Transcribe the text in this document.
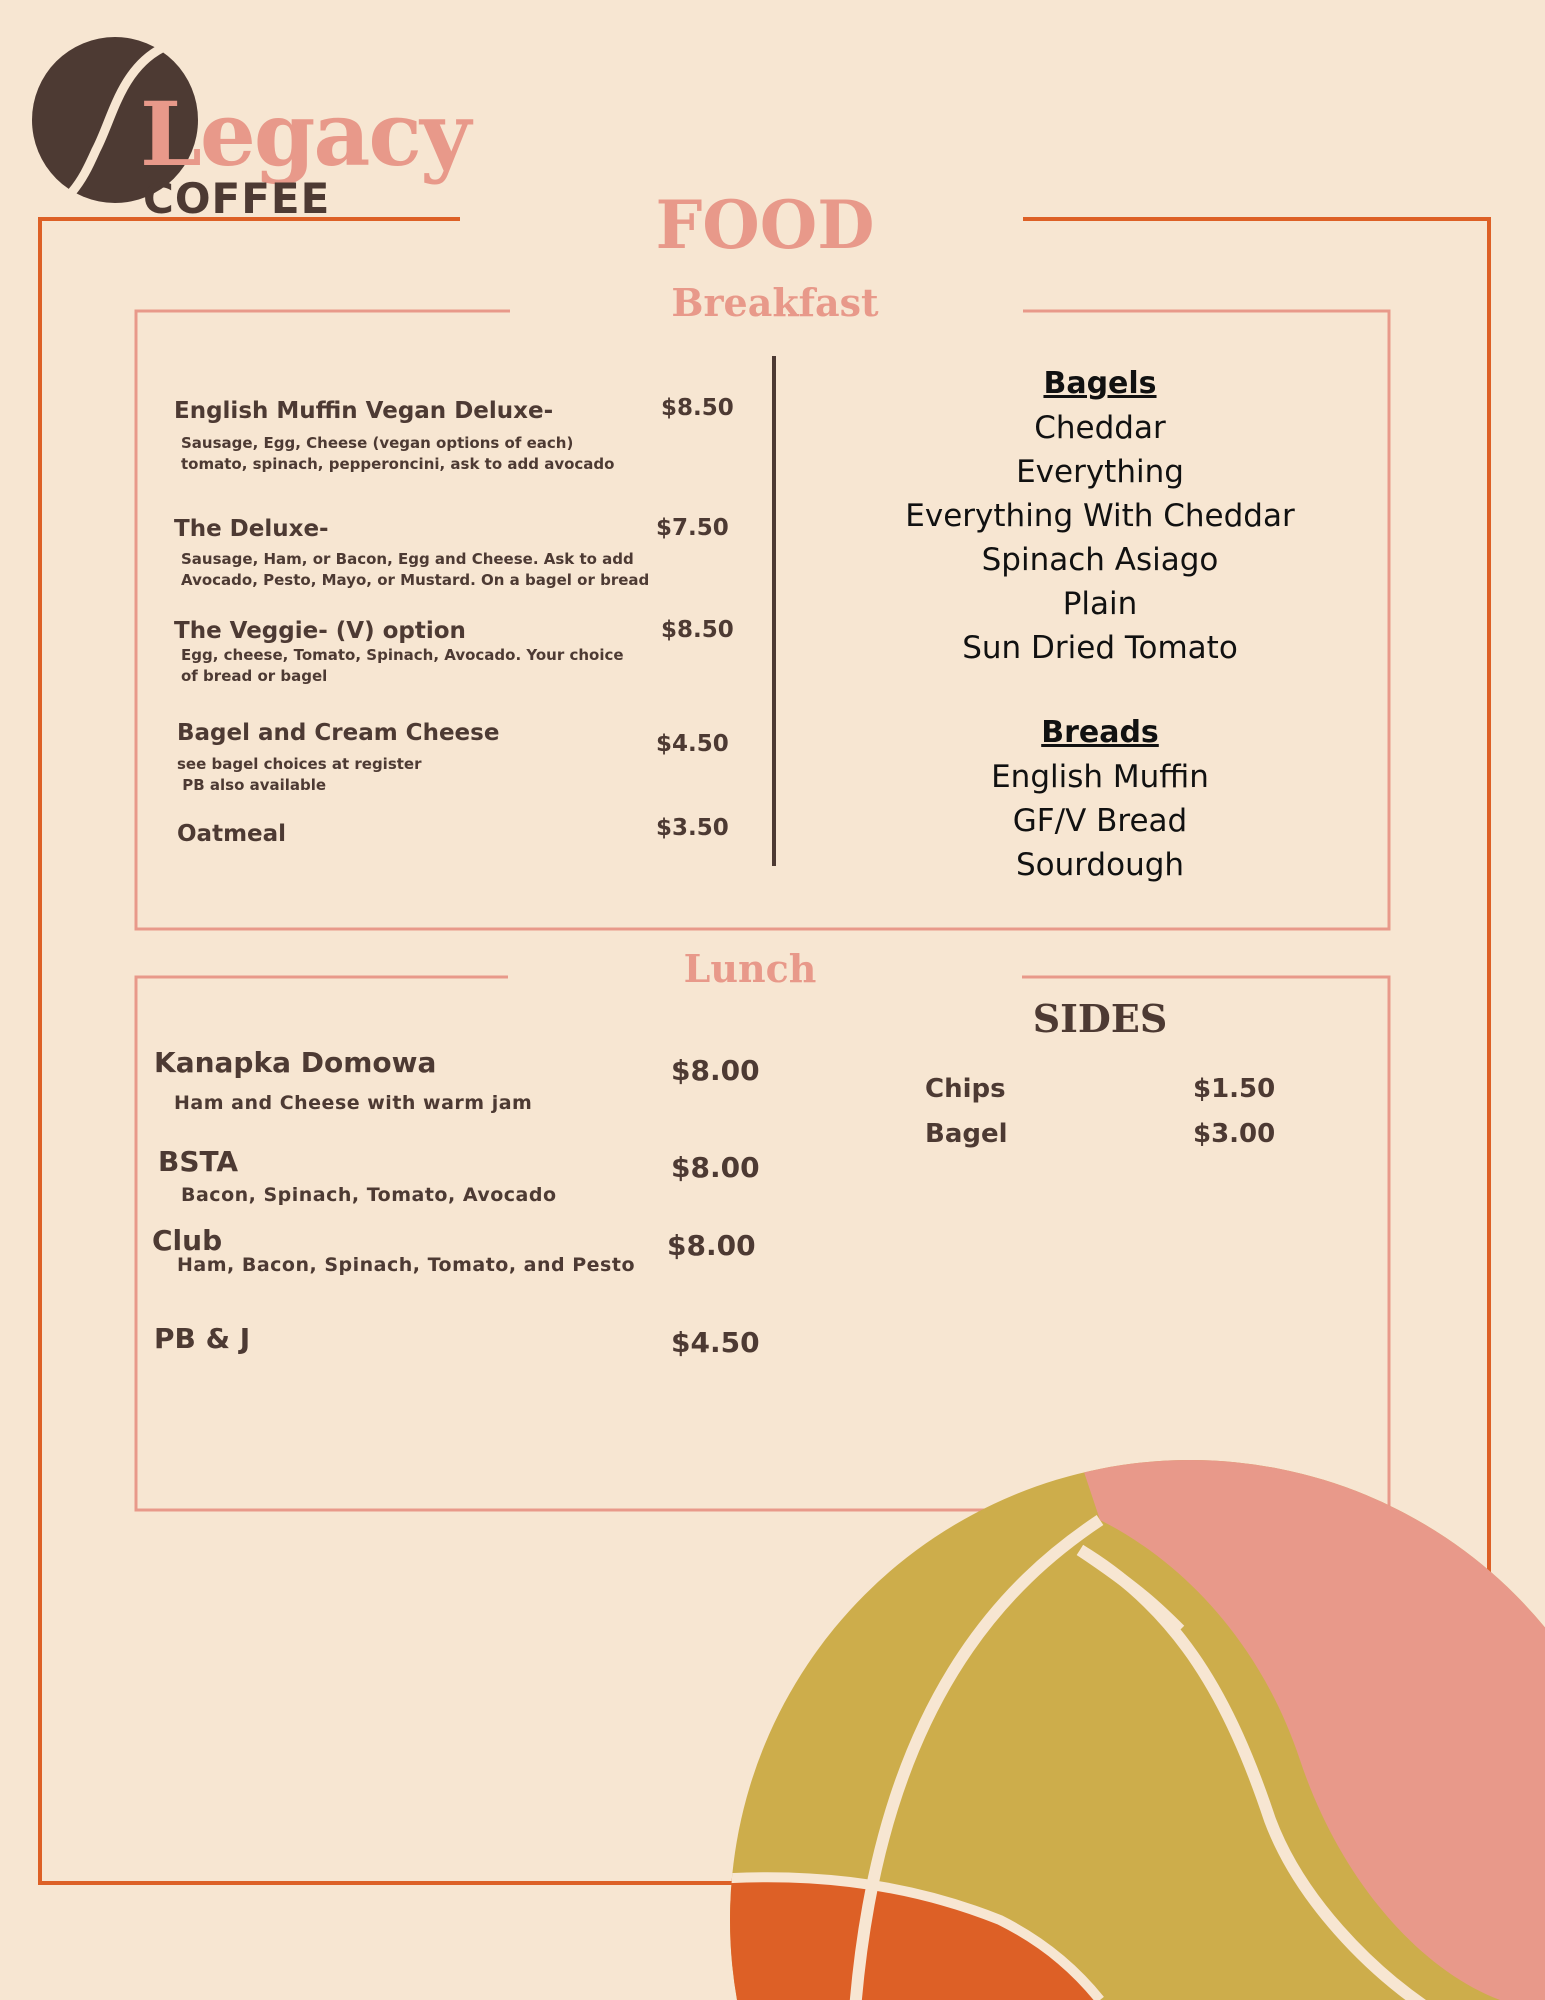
Legacy
COFFEE	FOOD
Breakfast
Lunch
English Muffin Vegan Deluxe-	$8.50
Sausage, Egg, Cheese (vegan options of each)
tomato, spinach, pepperoncini, ask to add avocado
The Deluxe-	$7.50
Sausage, Ham, or Bacon, Egg and Cheese. Ask to add
Avocado, Pesto, Mayo, or Mustard. On a bagel or bread
The Veggie- (V) option	$8.50
Egg, cheese, Tomato, Spinach, Avocado. Your choice
of bread or bagel
Bagel and Cream Cheese	$4.50
see bagel choices at register
PB also available
Oatmeal	$3.50
Bagels
Cheddar
Everything
Everything With Cheddar
Spinach Asiago
Plain
Sun Dried Tomato
Breads
English Muffin
GF/V Bread
Sourdough
Kanapka Domowa	$8.00
Ham and Cheese with warm jam
BSTA	$8.00
Bacon, Spinach, Tomato, Avocado
Club	$8.00
Ham, Bacon, Spinach, Tomato, and Pesto
PB & J	$4.50
SIDES
Chips	$1.50
Bagel	$3.00
